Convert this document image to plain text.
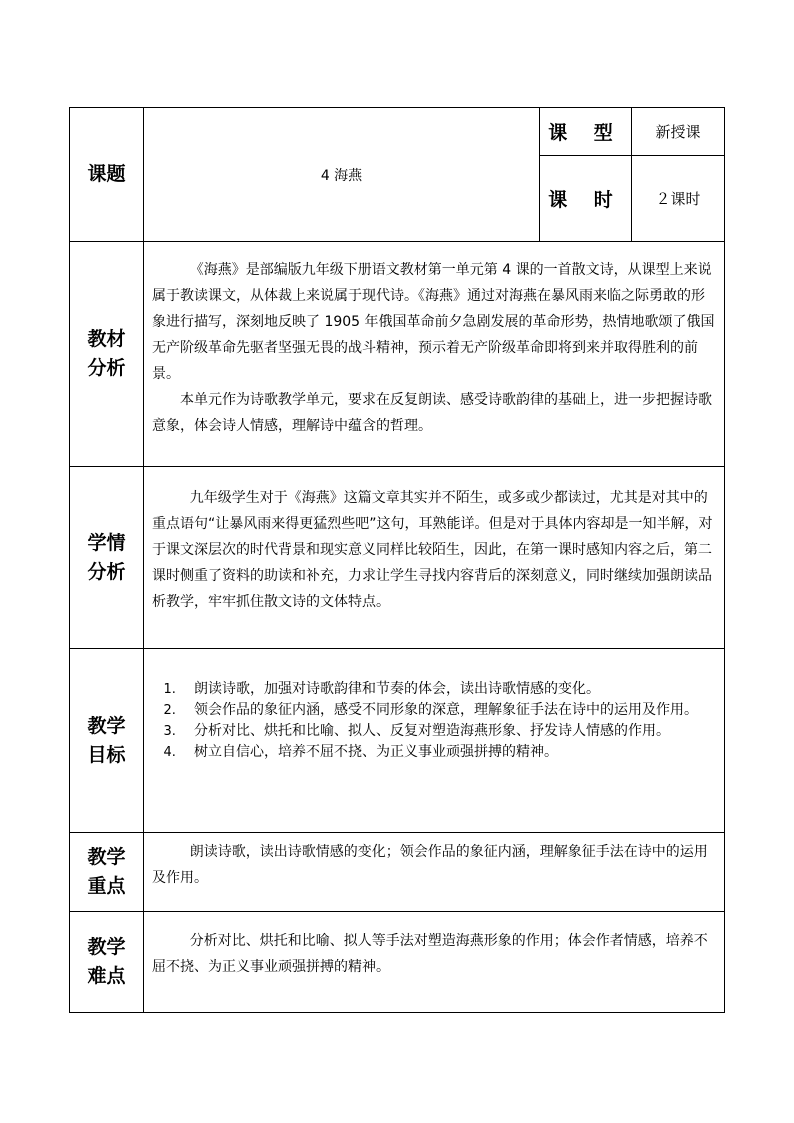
课题	4 海燕
课 型 新授课
课 时 ２课时
教材分析

《海燕》是部编版九年级下册语文教材第一单元第 4 课的一首散文诗，从课型上来说属于教读课文，从体裁上来说属于现代诗。《海燕》通过对海燕在暴风雨来临之际勇敢的形象进行描写，深刻地反映了 1905 年俄国革命前夕急剧发展的革命形势，热情地歌颂了俄国无产阶级革命先驱者坚强无畏的战斗精神，预示着无产阶级革命即将到来并取得胜利的前景。

本单元作为诗歌教学单元，要求在反复朗读、感受诗歌韵律的基础上，进一步把握诗歌意象，体会诗人情感，理解诗中蕴含的哲理。

学情分析

九年级学生对于《海燕》这篇文章其实并不陌生，或多或少都读过，尤其是对其中的重点语句“让暴风雨来得更猛烈些吧”这句，耳熟能详。但是对于具体内容却是一知半解，对于课文深层次的时代背景和现实意义同样比较陌生，因此，在第一课时感知内容之后，第二课时侧重了资料的助读和补充，力求让学生寻找内容背后的深刻意义，同时继续加强朗读品析教学，牢牢抓住散文诗的文体特点。

教学目标
1. 朗读诗歌，加强对诗歌韵律和节奏的体会，读出诗歌情感的变化。
2. 领会作品的象征内涵，感受不同形象的深意，理解象征手法在诗中的运用及作用。
3. 分析对比、烘托和比喻、拟人、反复对塑造海燕形象、抒发诗人情感的作用。
4. 树立自信心，培养不屈不挠、为正义事业顽强拼搏的精神。
教学重点

朗读诗歌，读出诗歌情感的变化；领会作品的象征内涵，理解象征手法在诗中的运用及作用。

教学难点

分析对比、烘托和比喻、拟人等手法对塑造海燕形象的作用；体会作者情感，培养不屈不挠、为正义事业顽强拼搏的精神。
